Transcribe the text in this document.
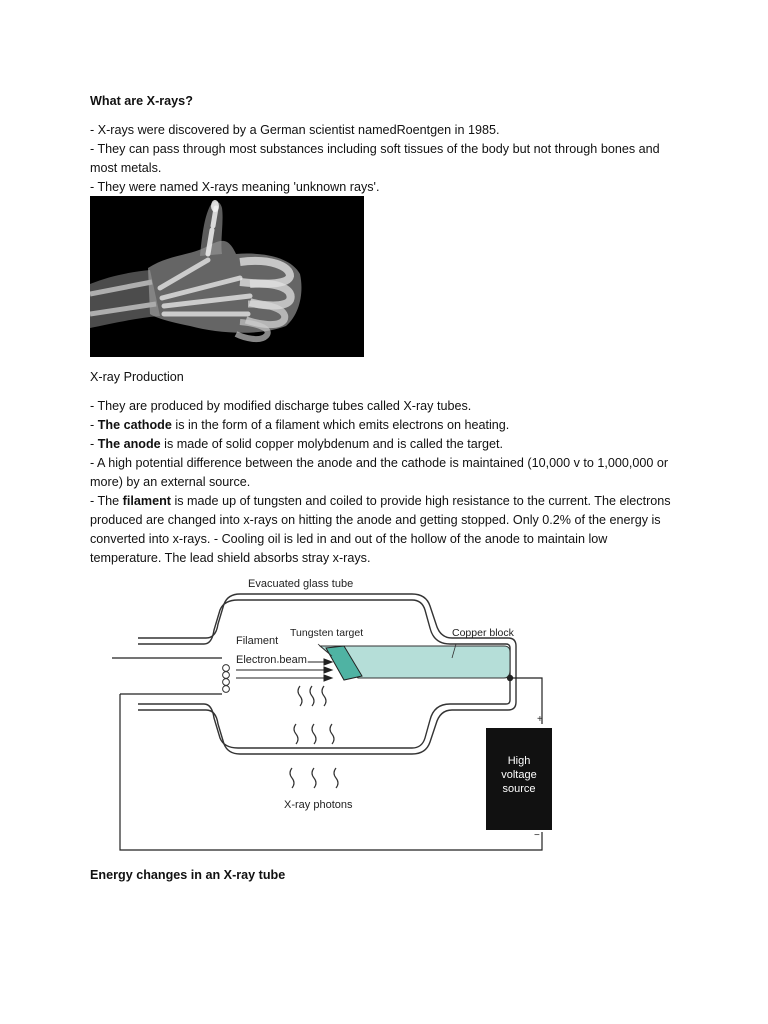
What are X-rays?
- X-rays were discovered by a German scientist namedRoentgen in 1985.
- They can pass through most substances including soft tissues of the body but not through bones and
most metals.
- They were named X-rays meaning 'unknown rays'.
X-ray Production
- They are produced by modified discharge tubes called X-ray tubes.
- The cathode is in the form of a filament which emits electrons on heating.
- The anode is made of solid copper molybdenum and is called the target.
- A high potential difference between the anode and the cathode is maintained (10,000 v to 1,000,000 or
more) by an external source.
- The filament is made up of tungsten and coiled to provide high resistance to the current. The electrons
produced are changed into x-rays on hitting the anode and getting stopped. Only 0.2% of the energy is
converted into x-rays. - Cooling oil is led in and out of the hollow of the anode to maintain low
temperature. The lead shield absorbs stray x-rays.
High
voltage
source
+
−
Evacuated glass tube
Filament
Tungsten target	Copper block
Electron beam
X-ray photons
Energy changes in an X-ray tube
